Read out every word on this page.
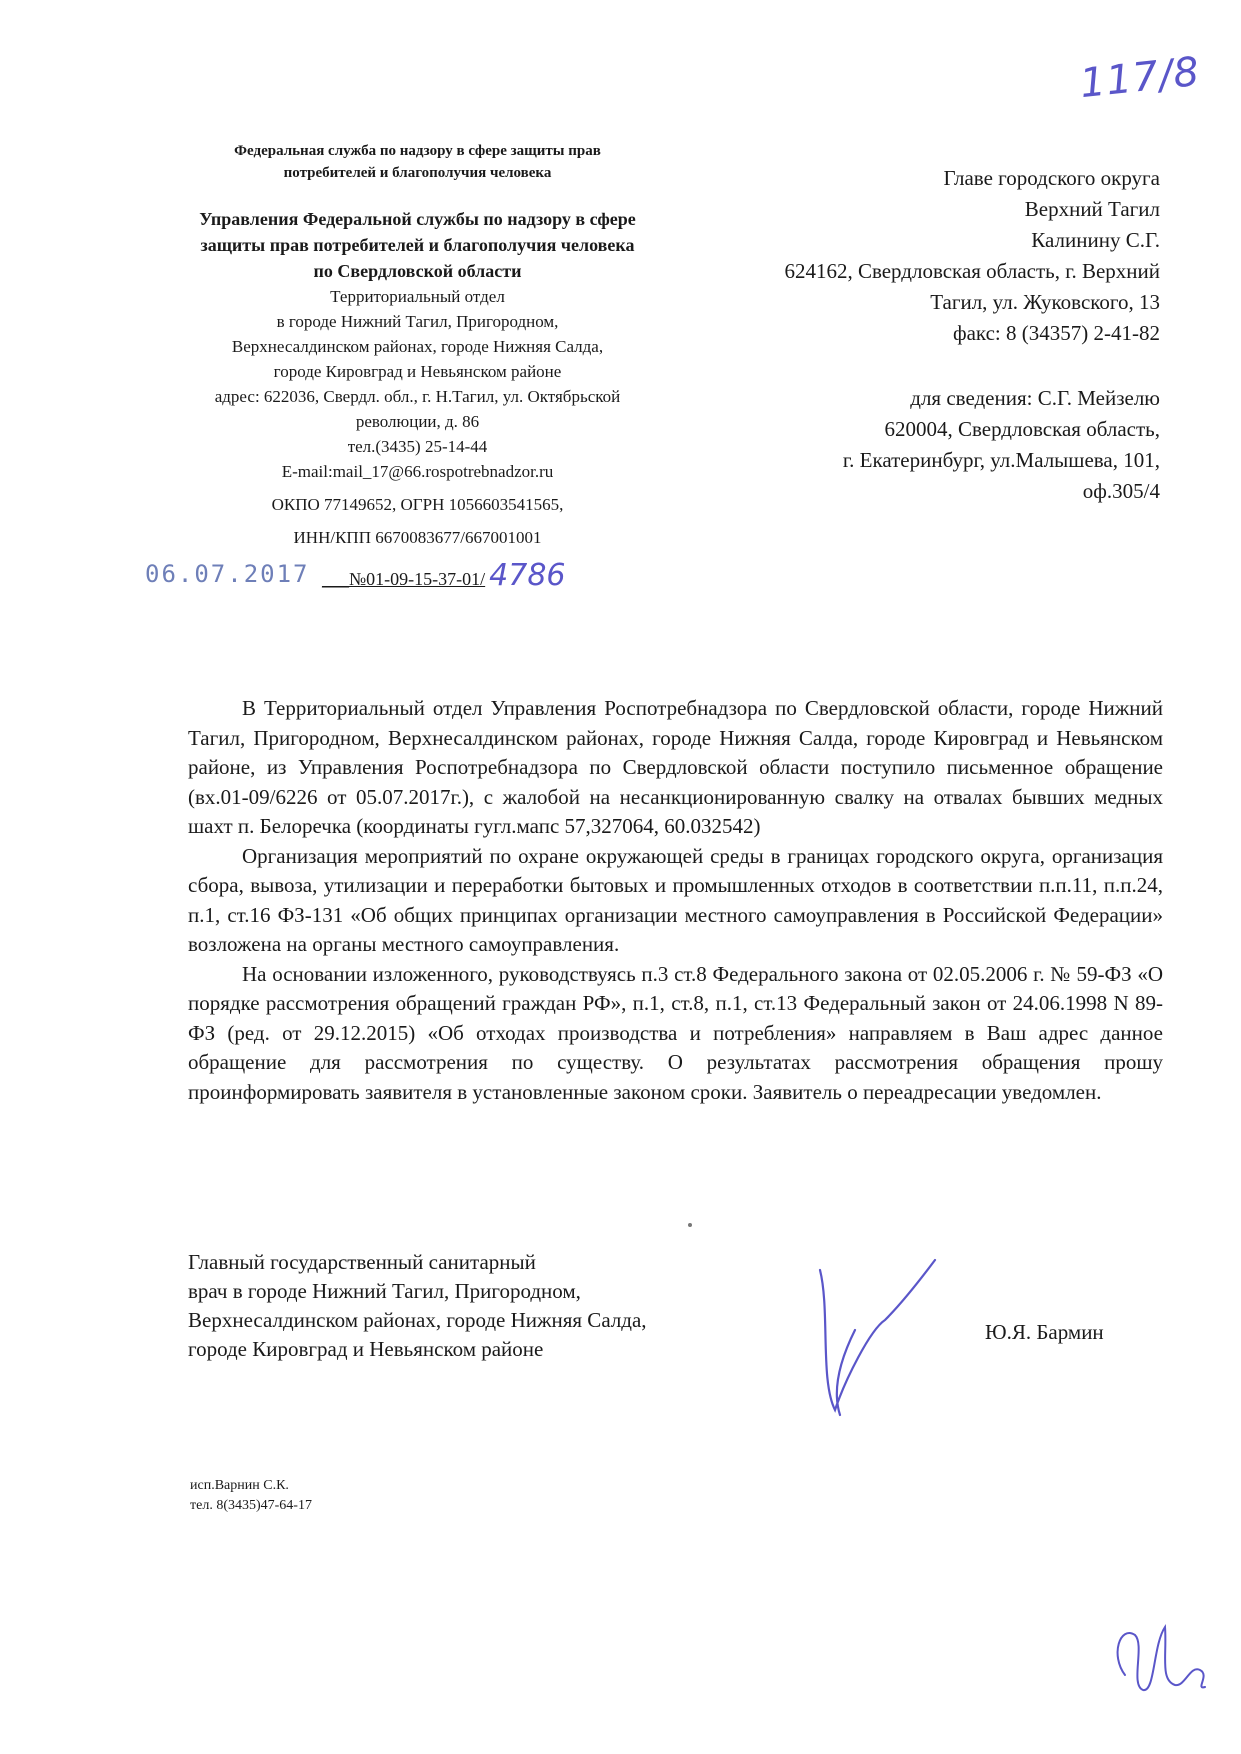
117/8
Федеральная служба по надзору в сфере защиты прав
потребителей и благополучия человека
Управления Федеральной службы по надзору в сфере
защиты прав потребителей и благополучия человека
по Свердловской области
Территориальный отдел
в городе Нижний Тагил, Пригородном,
Верхнесалдинском районах, городе Нижняя Салда,
городе Кировград и Невьянском районе
адрес: 622036, Свердл. обл., г. Н.Тагил, ул. Октябрьской
революции, д. 86
тел.(3435) 25-14-44
E-mail:mail_17@66.rospotrebnadzor.ru
ОКПО 77149652, ОГРН 1056603541565,
ИНН/КПП 6670083677/667001001
Главе городского округа
Верхний Тагил
Калинину С.Г.
624162, Свердловская область, г. Верхний
Тагил, ул. Жуковского, 13
факс: 8 (34357) 2-41-82
для сведения: С.Г. Мейзелю
620004, Свердловская область,
г. Екатеринбург, ул.Малышева, 101,
оф.305/4
06.07.2017 ___№01-09-15-37-01/ 4786

В Территориальный отдел Управления Роспотребнадзора по Свердловской области, городе Нижний Тагил, Пригородном, Верхнесалдинском районах, городе Нижняя Салда, городе Кировград и Невьянском районе, из Управления Роспотребнадзора по Свердловской области поступило письменное обращение (вх.01-09/6226 от 05.07.2017г.), с жалобой на несанкционированную свалку на отвалах бывших медных шахт п. Белоречка (координаты гугл.мапс 57,327064, 60.032542)

Организация мероприятий по охране окружающей среды в границах городского округа, организация сбора, вывоза, утилизации и переработки бытовых и промышленных отходов в соответствии п.п.11, п.п.24, п.1, ст.16 ФЗ-131 «Об общих принципах организации местного самоуправления в Российской Федерации» возложена на органы местного самоуправления.

На основании изложенного, руководствуясь п.3 ст.8 Федерального закона от 02.05.2006 г. № 59-ФЗ «О порядке рассмотрения обращений граждан РФ», п.1, ст.8, п.1, ст.13 Федеральный закон от 24.06.1998 N 89-ФЗ (ред. от 29.12.2015) «Об отходах производства и потребления» направляем в Ваш адрес данное обращение для рассмотрения по существу. О результатах рассмотрения обращения прошу проинформировать заявителя в установленные законом сроки. Заявитель о переадресации уведомлен.

Главный государственный санитарный
врач в городе Нижний Тагил, Пригородном,
Верхнесалдинском районах, городе Нижняя Салда,
городе Кировград и Невьянском районе
Ю.Я. Бармин
исп.Варнин С.К.
тел. 8(3435)47-64-17
